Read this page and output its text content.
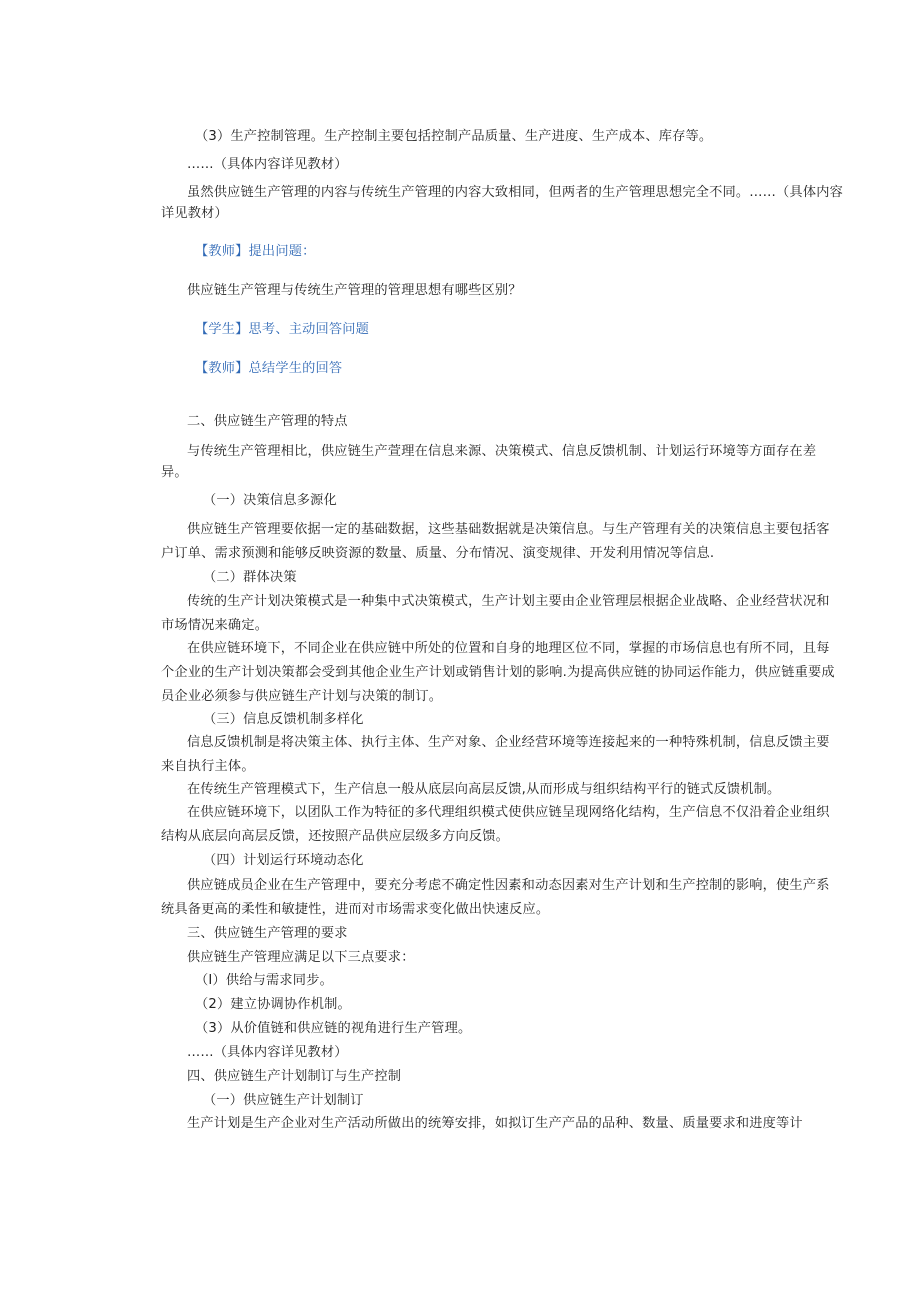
（3）生产控制管理。生产控制主要包括控制产品质量、生产进度、生产成本、库存等。

……（具体内容详见教材）

虽然供应链生产管理的内容与传统生产管理的内容大致相同，但两者的生产管理思想完全不同。……（具体内容

详见教材）

【教师】提出问题：

供应链生产管理与传统生产管理的管理思想有哪些区别？

【学生】思考、主动回答问题

【教师】总结学生的回答

二、供应链生产管理的特点

与传统生产管理相比，供应链生产萱理在信息来源、决策模式、信息反馈机制、计划运行环境等方面存在差

异。

（一）决策信息多源化

供应链生产管理要依据一定的基础数据，这些基础数据就是决策信息。与生产管理有关的决策信息主要包括客

户订单、需求预测和能够反映资源的数量、质量、分布情况、演变规律、开发利用情况等信息.

（二）群体决策

传统的生产计划决策模式是一种集中式决策模式，生产计划主要由企业管理层根据企业战略、企业经营状况和

市场情况来确定。

在供应链环境下，不同企业在供应链中所处的位置和自身的地理区位不同，掌握的市场信息也有所不同，且每

个企业的生产计划决策都会受到其他企业生产计划或销售计划的影响.为提高供应链的协同运作能力，供应链重要成

员企业必须参与供应链生产计划与决策的制订。

（三）信息反馈机制多样化

信息反馈机制是将决策主体、执行主体、生产对象、企业经营环境等连接起来的一种特殊机制，信息反馈主要

来自执行主体。

在传统生产管理模式下，生产信息一般从底层向高层反馈,从而形成与组织结构平行的链式反馈机制。

在供应链环境下，以团队工作为特征的多代理组织模式使供应链呈现网络化结构，生产信息不仅沿着企业组织

结构从底层向高层反馈，还按照产品供应层级多方向反馈。

（四）计划运行环境动态化

供应链成员企业在生产管理中，要充分考虑不确定性因素和动态因素对生产计划和生产控制的影响，使生产系

统具备更高的柔性和敏捷性，进而对市场需求变化做出快速反应。

三、供应链生产管理的要求

供应链生产管理应满足以下三点要求：

（I）供给与需求同步。

（2）建立协调协作机制。

（3）从价值链和供应链的视角进行生产管理。

……（具体内容详见教材）

四、供应链生产计划制订与生产控制

（一）供应链生产计划制订

生产计划是生产企业对生产活动所做出的统筹安排，如拟订生产产品的品种、数量、质量要求和进度等计
